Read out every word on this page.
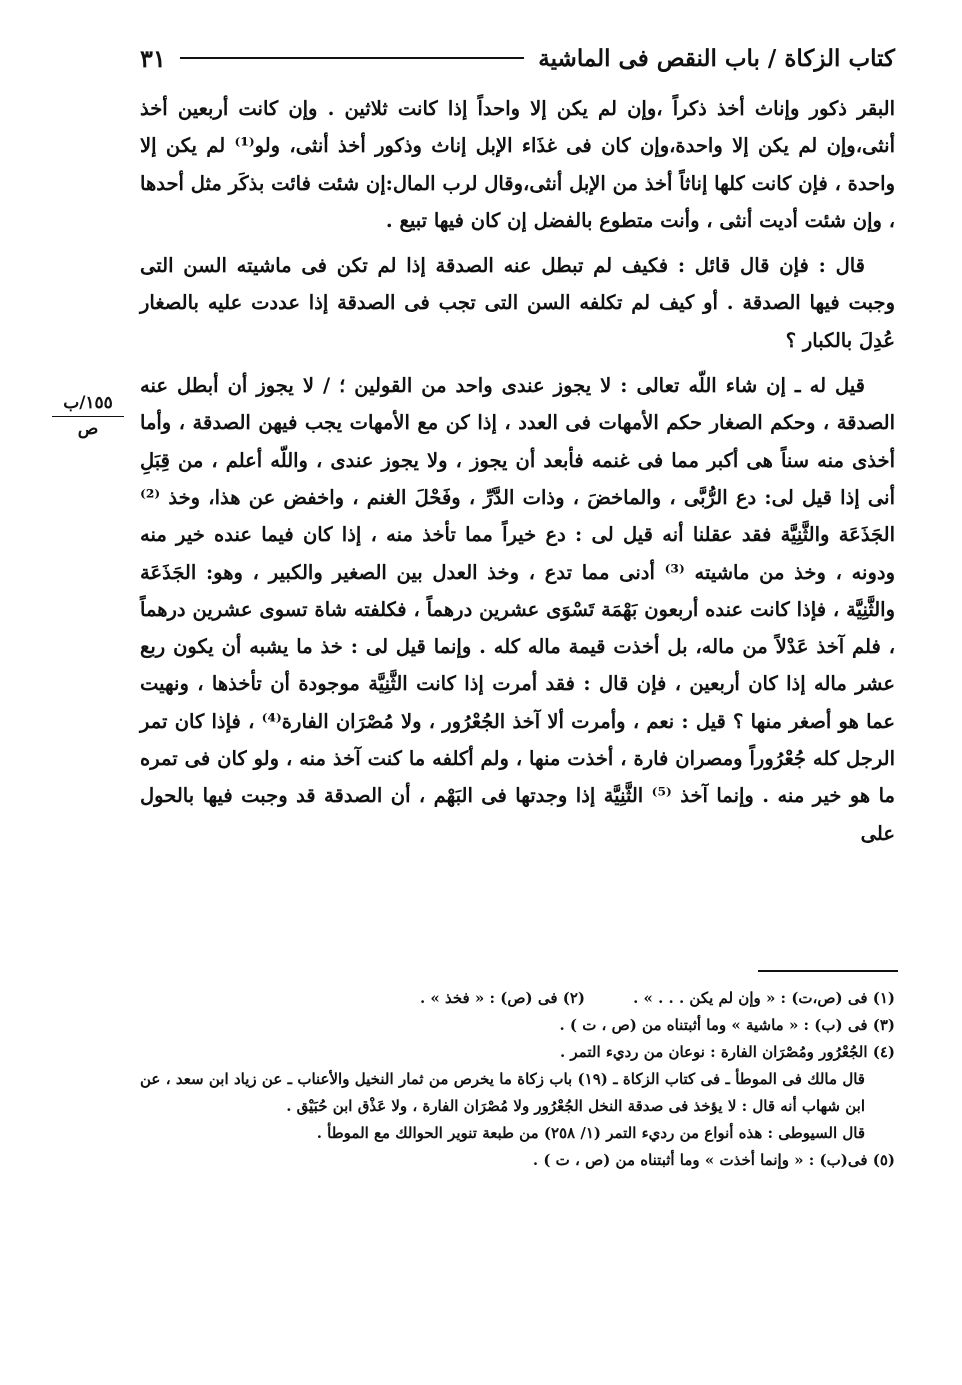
كتاب الزكاة / باب النقص فى الماشية
٣١
١٥٥/ب
ص

البقر ذكور وإناث أخذ ذكراً ،وإن لم يكن إلا واحداً إذا كانت ثلاثين . وإن كانت أربعين أخذ أنثى،وإن لم يكن إلا واحدة،وإن كان فى غذَاء الإبل إناث وذكور أخذ أنثى، ولو⁽¹⁾ لم يكن إلا واحدة ، فإن كانت كلها إناثاً أخذ من الإبل أنثى،وقال لرب المال:إن شئت فائت بذكَر مثل أحدها ، وإن شئت أديت أنثى ، وأنت متطوع بالفضل إن كان فيها تبيع .

قال : فإن قال قائل : فكيف لم تبطل عنه الصدقة إذا لم تكن فى ماشيته السن التى وجبت فيها الصدقة . أو كيف لم تكلفه السن التى تجب فى الصدقة إذا عددت عليه بالصغار عُدِلَ بالكبار ؟

قيل له ـ إن شاء اللّه تعالى : لا يجوز عندى واحد من القولين ؛ / لا يجوز أن أبطل عنه الصدقة ، وحكم الصغار حكم الأمهات فى العدد ، إذا كن مع الأمهات يجب فيهن الصدقة ، وأما أخذى منه سناً هى أكبر مما فى غنمه فأبعد أن يجوز ، ولا يجوز عندى ، واللّه أعلم ، من قِبَلِ أنى إذا قيل لى: دع الرُّبَّى ، والماخضَ ، وذات الدَّرِّ ، وفَحْلَ الغنم ، واخفض عن هذا، وخذ ⁽²⁾ الجَذَعَة والثَّنِيَّة فقد عقلنا أنه قيل لى : دع خيراً مما تأخذ منه ، إذا كان فيما عنده خير منه ودونه ، وخذ من ماشيته ⁽³⁾ أدنى مما تدع ، وخذ العدل بين الصغير والكبير ، وهو: الجَذَعَة والثَّنِيَّة ، فإذا كانت عنده أربعون بَهْمَة تَسْوَى عشرين درهماً ، فكلفته شاة تسوى عشرين درهماً ، فلم آخذ عَدْلاً من ماله، بل أخذت قيمة ماله كله . وإنما قيل لى : خذ ما يشبه أن يكون ربع عشر ماله إذا كان أربعين ، فإن قال : فقد أمرت إذا كانت الثَّنِيَّة موجودة أن تأخذها ، ونهيت عما هو أصغر منها ؟ قيل : نعم ، وأمرت ألا آخذ الجُعْرُور ، ولا مُصْرَان الفارة⁽⁴⁾ ، فإذا كان تمر الرجل كله جُعْرُوراً ومصران فارة ، أخذت منها ، ولم أكلفه ما كنت آخذ منه ، ولو كان فى تمره ما هو خير منه . وإنما آخذ ⁽⁵⁾ الثَّنِيَّة إذا وجدتها فى البَهْم ، أن الصدقة قد وجبت فيها بالحول على

(١) فى (ص،ت) : « وإن لم يكن . . . » .
(٢) فى (ص) : « فخذ » .

(٣) فى (ب) : « ماشية » وما أثبتناه من (ص ، ت ) .

(٤) الجُعْرُور ومُصْرَان الفارة : نوعان من رديء التمر .

قال مالك فى الموطأ ـ فى كتاب الزكاة ـ (١٩) باب زكاة ما يخرص من ثمار النخيل والأعناب ـ عن زياد ابن سعد ، عن ابن شهاب أنه قال : لا يؤخذ فى صدقة النخل الجُعْرُور ولا مُصْرَان الفارة ، ولا عَذْق ابن حُبَيْق .

قال السيوطى : هذه أنواع من رديء التمر (١/ ٢٥٨) من طبعة تنوير الحوالك مع الموطأ .

(٥) فى(ب) : « وإنما أخذت » وما أثبتناه من (ص ، ت ) .
